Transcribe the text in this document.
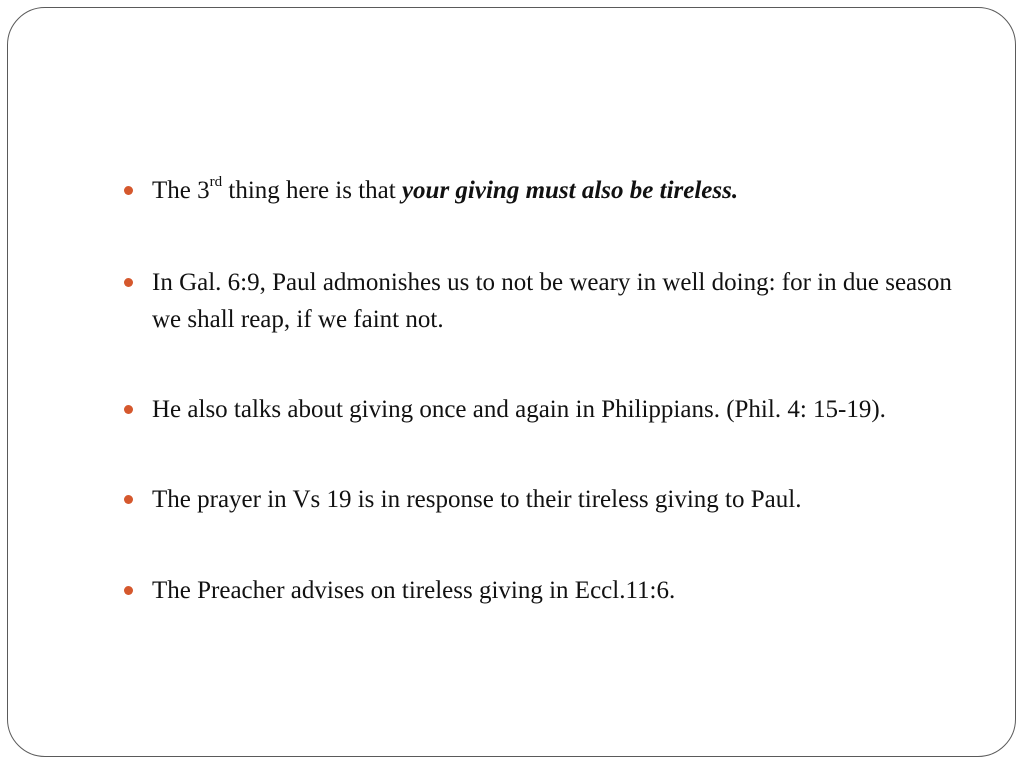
The 3rd thing here is that your giving must also be tireless.
In Gal. 6:9, Paul admonishes us to not be weary in well doing: for in due season we shall reap, if we faint not.
He also talks about giving once and again in Philippians. (Phil. 4: 15-19).
The prayer in Vs 19 is in response to their tireless giving to Paul.
The Preacher advises on tireless giving in Eccl.11:6.
